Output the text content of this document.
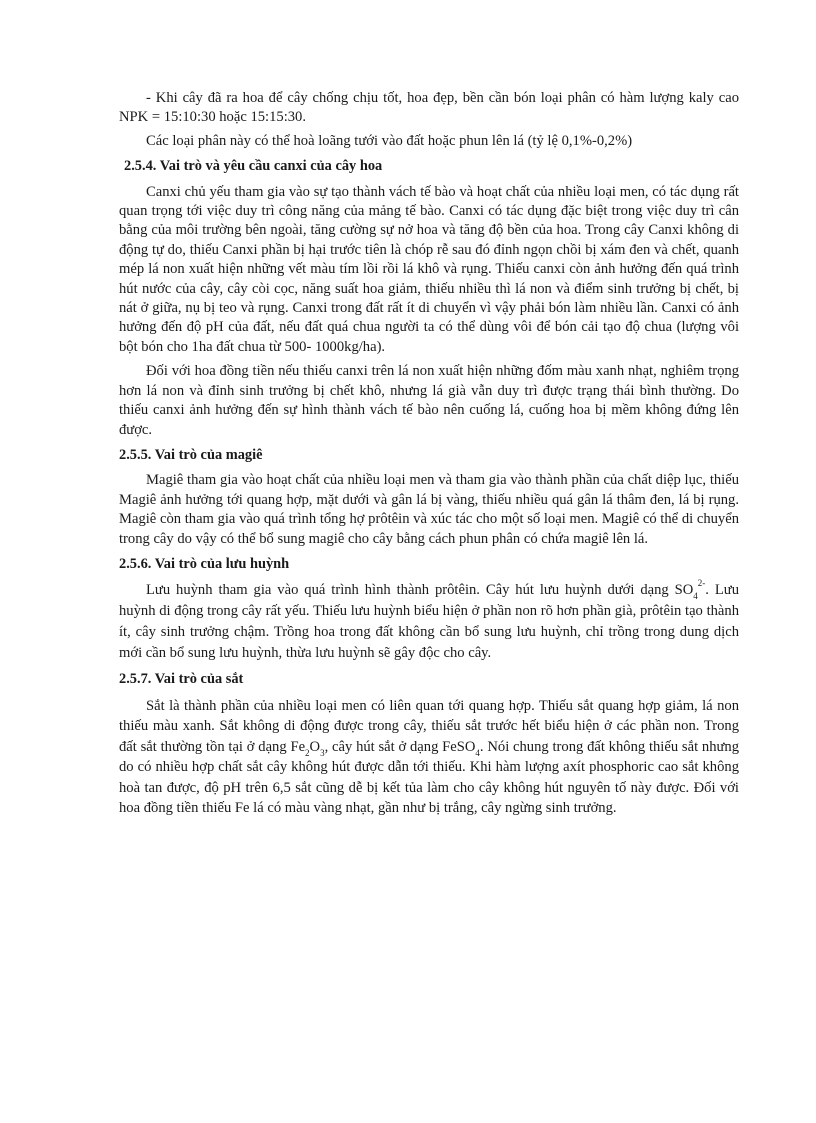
- Khi cây đã ra hoa để cây chống chịu tốt, hoa đẹp, bền cần bón loại phân có hàm lượng kaly cao NPK = 15:10:30 hoặc 15:15:30.

Các loại phân này có thể hoà loãng tưới vào đất hoặc phun lên lá (tỷ lệ 0,1%-0,2%)

2.5.4. Vai trò và yêu cầu canxi của cây hoa

Canxi chủ yếu tham gia vào sự tạo thành vách tế bào và hoạt chất của nhiều loại men, có tác dụng rất quan trọng tới việc duy trì công năng của mảng tế bào. Canxi có tác dụng đặc biệt trong việc duy trì cân bằng của môi trường bên ngoài, tăng cường sự nở hoa và tăng độ bền của hoa. Trong cây Canxi không di động tự do, thiếu Canxi phần bị hại trước tiên là chóp rễ sau đó đỉnh ngọn chồi bị xám đen và chết, quanh mép lá non xuất hiện những vết màu tím lồi rồi lá khô và rụng. Thiếu canxi còn ảnh hưởng đến quá trình hút nước của cây, cây còi cọc, năng suất hoa giảm, thiếu nhiều thì lá non và điểm sinh trưởng bị chết, bị nát ở giữa, nụ bị teo và rụng. Canxi trong đất rất ít di chuyển vì vậy phải bón làm nhiều lần. Canxi có ảnh hưởng đến độ pH của đất, nếu đất quá chua người ta có thể dùng vôi để bón cải tạo độ chua (lượng vôi bột bón cho 1ha đất chua từ 500- 1000kg/ha).

Đối với hoa đồng tiền nếu thiếu canxi trên lá non xuất hiện những đốm màu xanh nhạt, nghiêm trọng hơn lá non và đỉnh sinh trưởng bị chết khô, nhưng lá già vẫn duy trì được trạng thái bình thường. Do thiếu canxi ảnh hưởng đến sự hình thành vách tế bào nên cuống lá, cuống hoa bị mềm không đứng lên được.

2.5.5. Vai trò của magiê

Magiê tham gia vào hoạt chất của nhiều loại men và tham gia vào thành phần của chất diệp lục, thiếu Magiê ảnh hưởng tới quang hợp, mặt dưới và gân lá bị vàng, thiếu nhiều quá gân lá thâm đen, lá bị rụng. Magiê còn tham gia vào quá trình tổng hợ prôtêin và xúc tác cho một số loại men. Magiê có thể di chuyển trong cây do vậy có thể bổ sung magiê cho cây bằng cách phun phân có chứa magiê lên lá.

2.5.6. Vai trò của lưu huỳnh

Lưu huỳnh tham gia vào quá trình hình thành prôtêin. Cây hút lưu huỳnh dưới dạng $SO_4^{2-}$. Lưu huỳnh di động trong cây rất yếu. Thiếu lưu huỳnh biểu hiện ở phần non rõ hơn phần già, prôtêin tạo thành ít, cây sinh trưởng chậm. Trồng hoa trong đất không cần bổ sung lưu huỳnh, chỉ trồng trong dung dịch mới cần bổ sung lưu huỳnh, thừa lưu huỳnh sẽ gây độc cho cây.

2.5.7. Vai trò của sắt

Sắt là thành phần của nhiều loại men có liên quan tới quang hợp. Thiếu sắt quang hợp giảm, lá non thiếu màu xanh. Sắt không di động được trong cây, thiếu sắt trước hết biểu hiện ở các phần non. Trong đất sắt thường tồn tại ở dạng $Fe_2O_3$, cây hút sắt ở dạng FeSO$_4$. Nói chung trong đất không thiếu sắt nhưng do có nhiều hợp chất sắt cây không hút được dẫn tới thiếu. Khi hàm lượng axít phosphoric cao sắt không hoà tan được, độ pH trên 6,5 sắt cũng dễ bị kết tủa làm cho cây không hút nguyên tố này được. Đối với hoa đồng tiền thiếu Fe lá có màu vàng nhạt, gần như bị trắng, cây ngừng sinh trưởng.
